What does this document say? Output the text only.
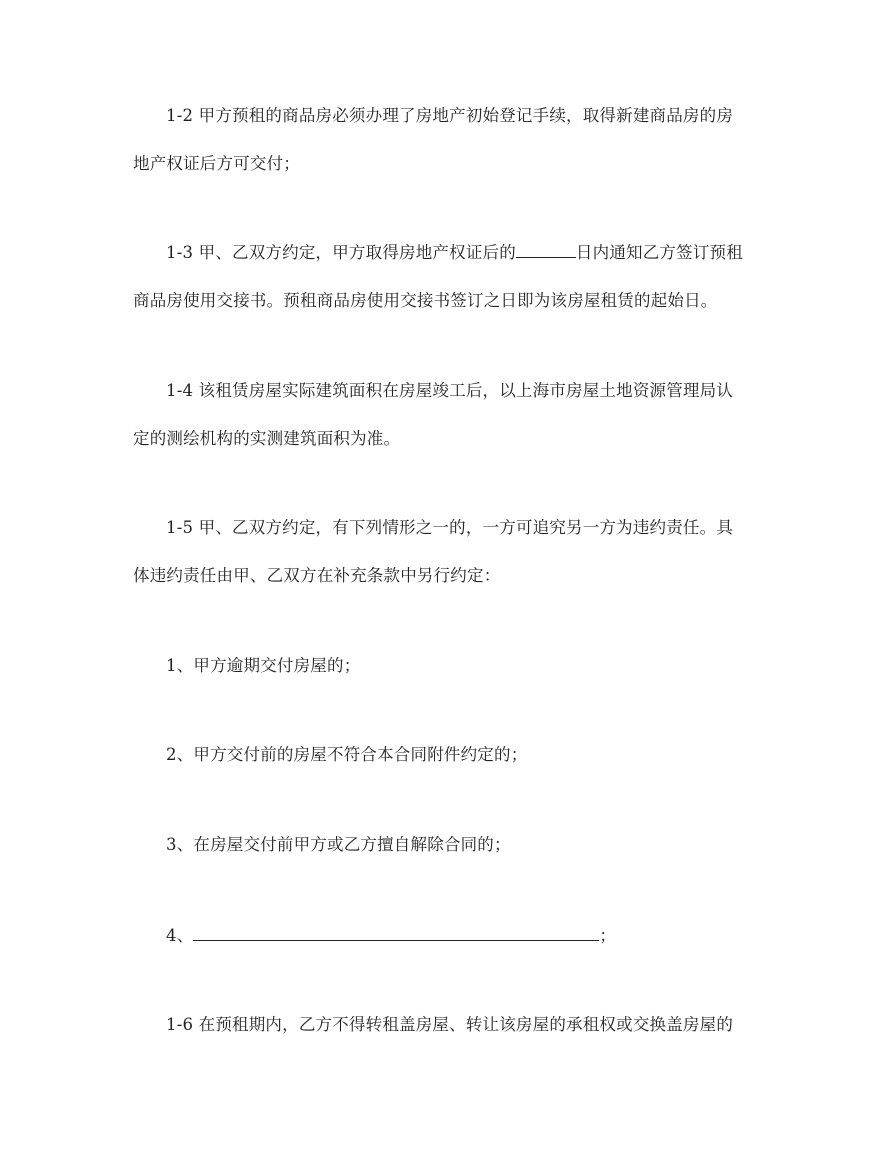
1-2 甲方预租的商品房必须办理了房地产初始登记手续，取得新建商品房的房
地产权证后方可交付；
1-3 甲、乙双方约定，甲方取得房地产权证后的	日内通知乙方签订预租
商品房使用交接书。预租商品房使用交接书签订之日即为该房屋租赁的起始日。
1-4 该租赁房屋实际建筑面积在房屋竣工后，以上海市房屋土地资源管理局认
定的测绘机构的实测建筑面积为准。
1-5 甲、乙双方约定，有下列情形之一的，一方可追究另一方为违约责任。具
体违约责任由甲、乙双方在补充条款中另行约定：
1、甲方逾期交付房屋的；
2、甲方交付前的房屋不符合本合同附件约定的；
3、在房屋交付前甲方或乙方擅自解除合同的；
4、	；
1-6 在预租期内，乙方不得转租盖房屋、转让该房屋的承租权或交换盖房屋的
